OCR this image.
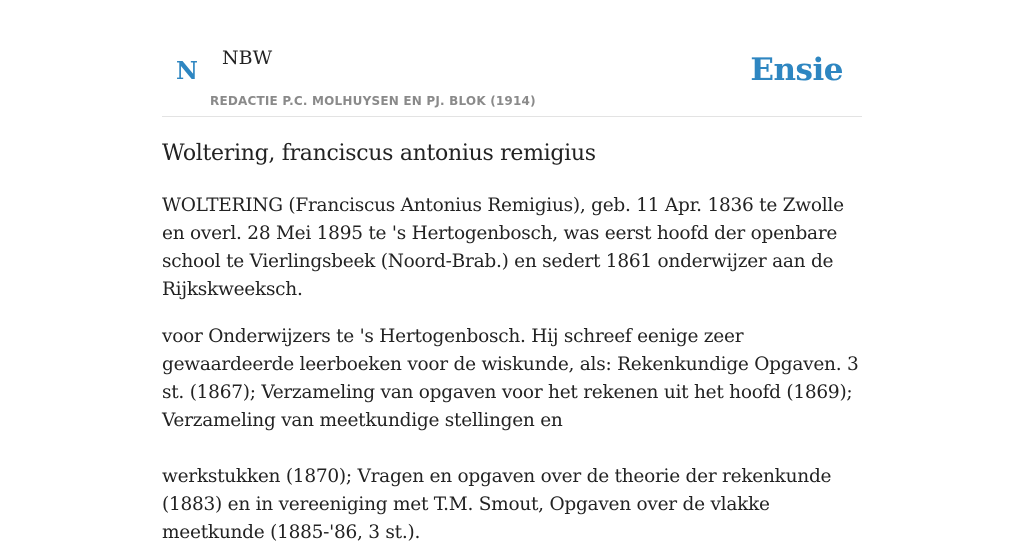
N NBW
REDACTIE P.C. MOLHUYSEN EN PJ. BLOK (1914)
Ensie
Woltering, franciscus antonius remigius

WOLTERING (Franciscus Antonius Remigius), geb. 11 Apr. 1836 te Zwolle en overl. 28 Mei 1895 te 's Hertogenbosch, was eerst hoofd der openbare school te Vierlingsbeek (Noord-Brab.) en sedert 1861 onderwijzer aan de Rijkskweeksch.

voor Onderwijzers te 's Hertogenbosch. Hij schreef eenige zeer gewaardeerde leerboeken voor de wiskunde, als: Rekenkundige Opgaven. 3 st. (1867); Verzameling van opgaven voor het rekenen uit het hoofd (1869); Verzameling van meetkundige stellingen en

werkstukken (1870); Vragen en opgaven over de theorie der rekenkunde (1883) en in vereeniging met T.M. Smout, Opgaven over de vlakke meetkunde (1885-'86, 3 st.).
